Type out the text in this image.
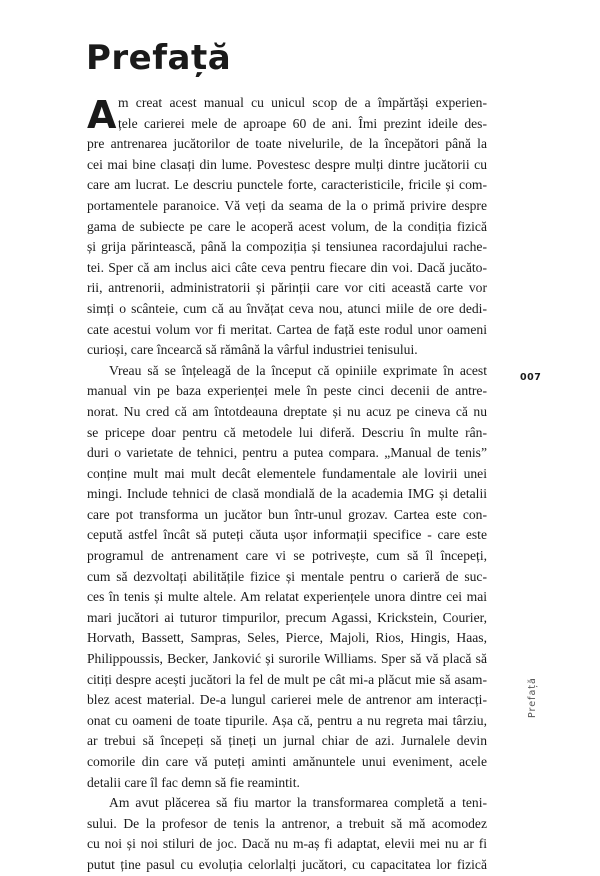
Prefață
A m creat acest manual cu unicul scop de a împărtăși experien-
țele carierei mele de aproape 60 de ani. Îmi prezint ideile des-
pre antrenarea jucătorilor de toate nivelurile, de la începători până la
cei mai bine clasați din lume. Povestesc despre mulți dintre jucătorii cu
care am lucrat. Le descriu punctele forte, caracteristicile, fricile și com-
portamentele paranoice. Vă veți da seama de la o primă privire despre
gama de subiecte pe care le acoperă acest volum, de la condiția fizică
și grija părintească, până la compoziția și tensiunea racordajului rache-
tei. Sper că am inclus aici câte ceva pentru fiecare din voi. Dacă jucăto-
rii, antrenorii, administratorii și părinții care vor citi această carte vor
simți o scânteie, cum că au învățat ceva nou, atunci miile de ore dedi-
cate acestui volum vor fi meritat. Cartea de față este rodul unor oameni
curioși, care încearcă să rămână la vârful industriei tenisului.
Vreau să se înțeleagă de la început că opiniile exprimate în acest
manual vin pe baza experienței mele în peste cinci decenii de antre-
norat. Nu cred că am întotdeauna dreptate și nu acuz pe cineva că nu
se pricepe doar pentru că metodele lui diferă. Descriu în multe rân-
duri o varietate de tehnici, pentru a putea compara. „Manual de tenis”
conține mult mai mult decât elementele fundamentale ale lovirii unei
mingi. Include tehnici de clasă mondială de la academia IMG și detalii
care pot transforma un jucător bun într-unul grozav. Cartea este con-
cepută astfel încât să puteți căuta ușor informații specifice - care este
programul de antrenament care vi se potrivește, cum să îl începeți,
cum să dezvoltați abilitățile fizice și mentale pentru o carieră de suc-
ces în tenis și multe altele. Am relatat experiențele unora dintre cei mai
mari jucători ai tuturor timpurilor, precum Agassi, Krickstein, Courier,
Horvath, Bassett, Sampras, Seles, Pierce, Majoli, Rios, Hingis, Haas,
Philippoussis, Becker, Janković și surorile Williams. Sper să vă placă să
citiți despre acești jucători la fel de mult pe cât mi-a plăcut mie să asam-
blez acest material. De-a lungul carierei mele de antrenor am interacți-
onat cu oameni de toate tipurile. Așa că, pentru a nu regreta mai târziu,
ar trebui să începeți să țineți un jurnal chiar de azi. Jurnalele devin
comorile din care vă puteți aminti amănuntele unui eveniment, acele
detalii care îl fac demn să fie reamintit.
Am avut plăcerea să fiu martor la transformarea completă a teni-
sului. De la profesor de tenis la antrenor, a trebuit să mă acomodez
cu noi și noi stiluri de joc. Dacă nu m-aș fi adaptat, elevii mei nu ar fi
putut ține pasul cu evoluția celorlalți jucători, cu capacitatea lor fizică
007
Prefață
